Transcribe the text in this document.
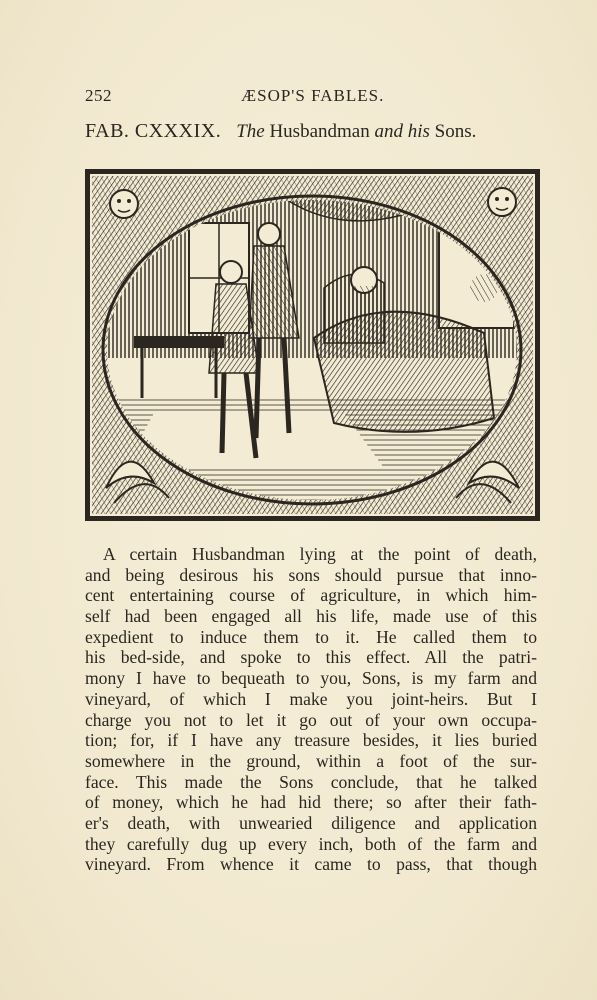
252	ÆSOP'S FABLES.
FAB. CXXXIX. The Husbandman and his Sons.
A certain Husbandman lying at the point of death,
and being desirous his sons should pursue that inno-
cent entertaining course of agriculture, in which him-
self had been engaged all his life, made use of this
expedient to induce them to it. He called them to
his bed-side, and spoke to this effect. All the patri-
mony I have to bequeath to you, Sons, is my farm and
vineyard, of which I make you joint-heirs. But I
charge you not to let it go out of your own occupa-
tion; for, if I have any treasure besides, it lies buried
somewhere in the ground, within a foot of the sur-
face. This made the Sons conclude, that he talked
of money, which he had hid there; so after their fath-
er's death, with unwearied diligence and application
they carefully dug up every inch, both of the farm and
vineyard. From whence it came to pass, that though
